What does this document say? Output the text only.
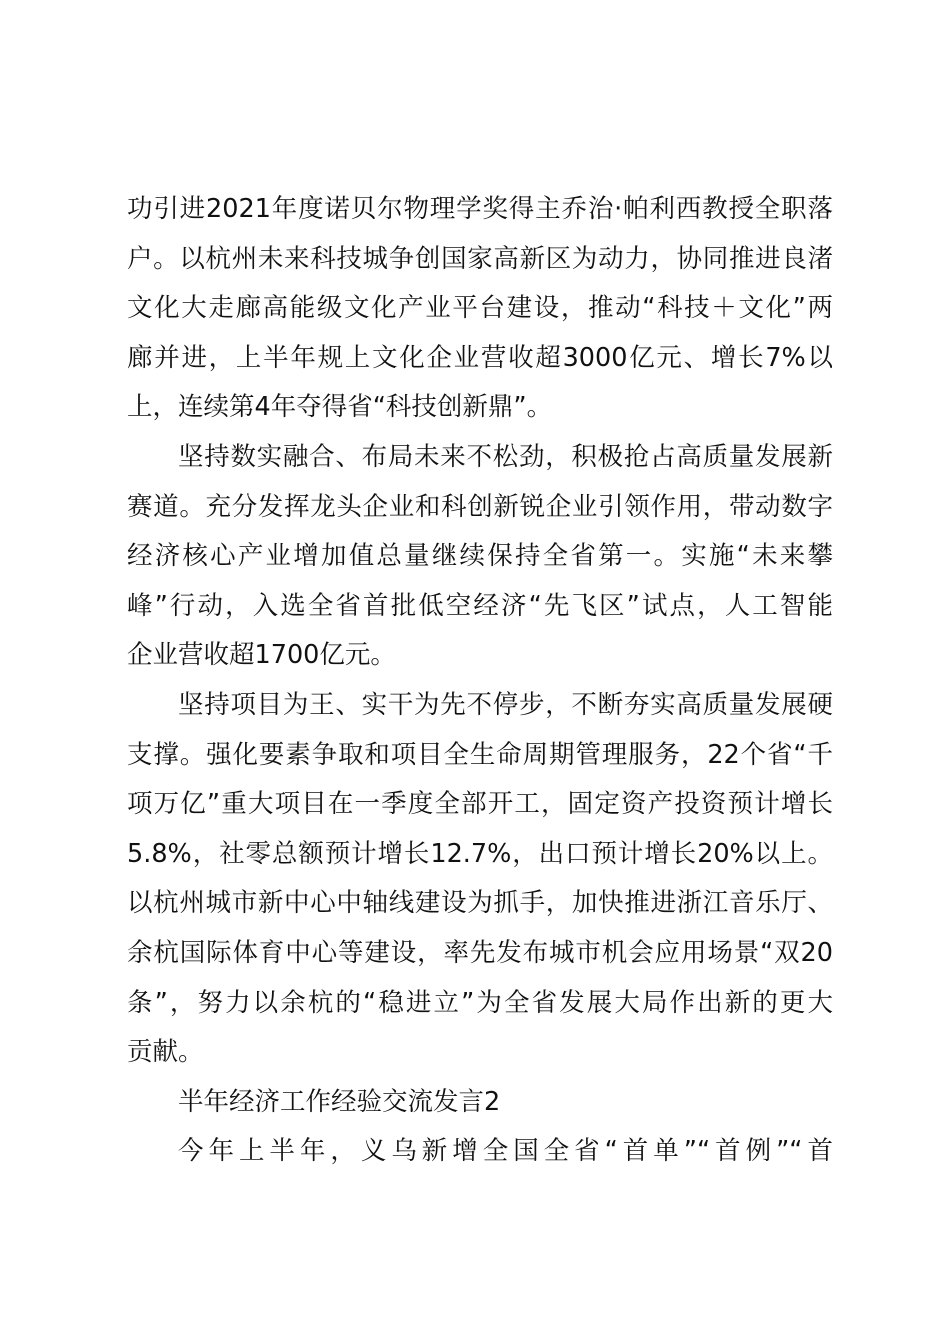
功引进2021年度诺贝尔物理学奖得主乔治·帕利西教授全职落
户。以杭州未来科技城争创国家高新区为动力，协同推进良渚
文化大走廊高能级文化产业平台建设，推动“科技＋文化”两
廊并进，上半年规上文化企业营收超3000亿元、增长7%以
上，连续第4年夺得省“科技创新鼎”。
坚持数实融合、布局未来不松劲，积极抢占高质量发展新
赛道。充分发挥龙头企业和科创新锐企业引领作用，带动数字
经济核心产业增加值总量继续保持全省第一。实施“未来攀
峰”行动，入选全省首批低空经济“先飞区”试点，人工智能
企业营收超1700亿元。
坚持项目为王、实干为先不停步，不断夯实高质量发展硬
支撑。强化要素争取和项目全生命周期管理服务，22个省“千
项万亿”重大项目在一季度全部开工，固定资产投资预计增长
5.8%，社零总额预计增长12.7%，出口预计增长20%以上。
以杭州城市新中心中轴线建设为抓手，加快推进浙江音乐厅、
余杭国际体育中心等建设，率先发布城市机会应用场景“双20
条”，努力以余杭的“稳进立”为全省发展大局作出新的更大
贡献。
半年经济工作经验交流发言2
今年上半年，义乌新增全国全省“首单”“首例”“首
